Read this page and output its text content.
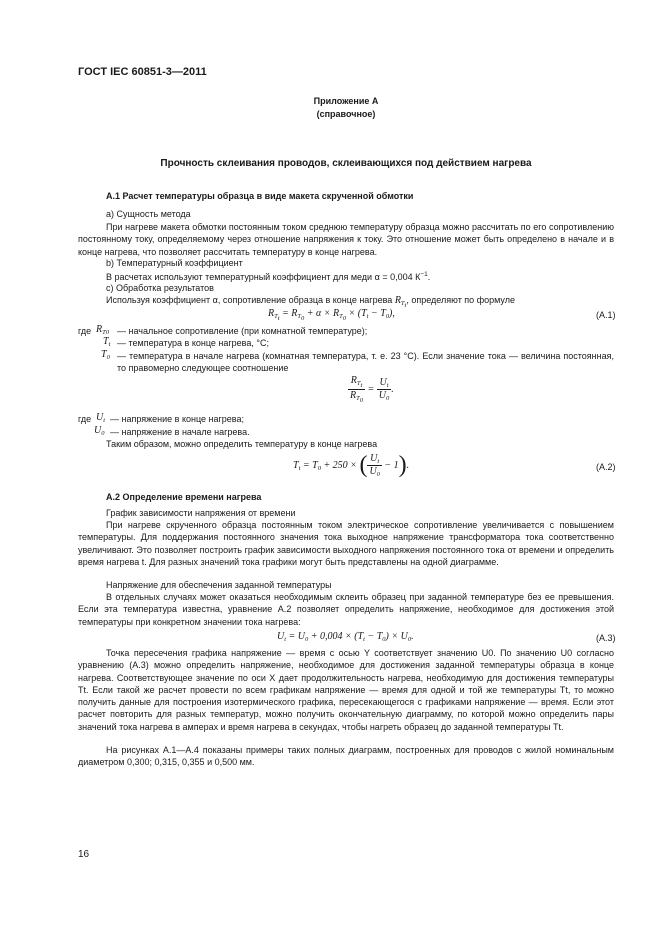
ГОСТ IEC 60851-3—2011
Приложение А
(справочное)
Прочность склеивания проводов, склеивающихся под действием нагрева
А.1 Расчет температуры образца в виде макета скрученной обмотки
а) Сущность метода
При нагреве макета обмотки постоянным током среднюю температуру образца можно рассчитать по его сопротивлению постоянному току, определяемому через отношение напряжения к току. Это отношение может быть определено в начале и в конце нагрева, что позволяет рассчитать температуру в конце нагрева.
b) Температурный коэффициент
В расчетах используют температурный коэффициент для меди α = 0,004 $К^{-1}$.
с) Обработка результатов
Используя коэффициент α, сопротивление образца в конце нагрева $R_{T_t}$, определяют по формуле
$R_{T_t} = R_{T_0} + \alpha \times R_{T_0} \times (T_t - T_0)$,	(А.1)
где $R_{T0}$ — начальное сопротивление (при комнатной температуре);
$T_t$ — температура в конце нагрева, °С;
$T_0$ — температура в начале нагрева (комнатная температура, т. е. 23 °С). Если значение тока — величина постоянная, то правомерно следующее соотношение
$\frac{R_{T_t}}{R_{T_0}} = \frac{U_t}{U_0}$ .
где $U_t$ — напряжение в конце нагрева;
$U_0$ — напряжение в начале нагрева.
Таким образом, можно определить температуру в конце нагрева
$T_t = T_0 + 250$ × ( $\frac{U_t}{U_0} - 1$).	(А.2)
А.2 Определение времени нагрева
График зависимости напряжения от времени
При нагреве скрученного образца постоянным током электрическое сопротивление увеличивается с повышением температуры. Для поддержания постоянного значения тока выходное напряжение трансформатора тока соответственно увеличивают. Это позволяет построить график зависимости выходного напряжения постоянного тока от времени и определить время нагрева t. Для разных значений тока графики могут быть представлены на одной диаграмме.
Напряжение для обеспечения заданной температуры
В отдельных случаях может оказаться необходимым склеить образец при заданной температуре без ее превышения. Если эта температура известна, уравнение А.2 позволяет определить напряжение, необходимое для достижения этой температуры при конкретном значении тока нагрева:
$U_t = U_0 + 0,004 \times (T_t - T_0) \times U_0$.	(А.3)
Точка пересечения графика напряжение — время с осью Y соответствует значению U0. По значению U0 согласно уравнению (А.3) можно определить напряжение, необходимое для достижения заданной температуры образца в конце нагрева. Соответствующее значение по оси X дает продолжительность нагрева, необходимую для достижения температуры Tt. Если такой же расчет провести по всем графикам напряжение — время для одной и той же температуры Tt, то можно получить данные для построения изотермического графика, пересекающегося с графиками напряжение — время. Если этот расчет повторить для разных температур, можно получить окончательную диаграмму, по которой можно определить пары значений тока нагрева в амперах и время нагрева в секундах, чтобы нагреть образец до заданной температуры Tt.
На рисунках А.1—А.4 показаны примеры таких полных диаграмм, построенных для проводов с жилой номинальным диаметром 0,300; 0,315, 0,355 и 0,500 мм.
16
